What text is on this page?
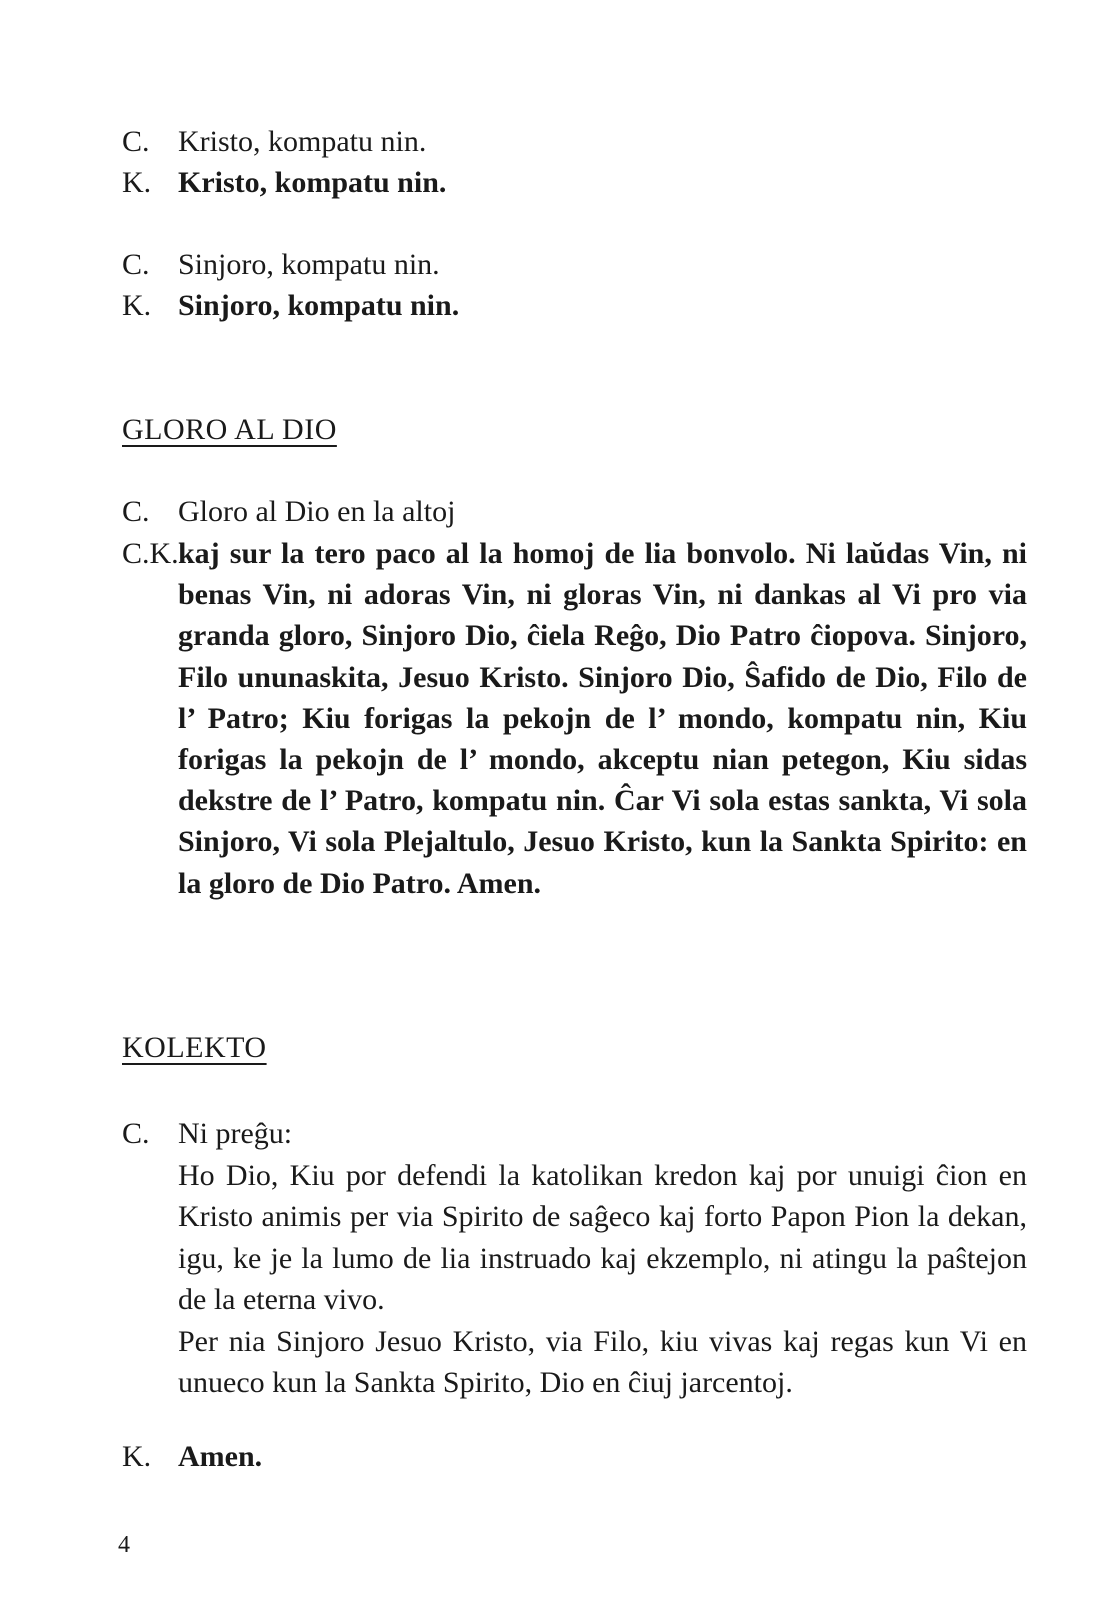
C. Kristo, kompatu nin.
K. Kristo, kompatu nin.
C. Sinjoro, kompatu nin.
K. Sinjoro, kompatu nin.
GLORO AL DIO
C. Gloro al Dio en la altoj
C.K. kaj sur la tero paco al la homoj de lia bonvolo. Ni laŭdas Vin, ni benas Vin, ni adoras Vin, ni gloras Vin, ni dankas al Vi pro via granda gloro, Sinjoro Dio, ĉiela Reĝo, Dio Patro ĉiopova. Sinjoro, Filo ununaskita, Jesuo Kristo. Sinjoro Dio, Ŝafido de Dio, Filo de l’ Patro; Kiu forigas la pekojn de l’ mondo, kompatu nin, Kiu forigas la pekojn de l’ mondo, akceptu nian petegon, Kiu sidas dekstre de l’ Patro, kompatu nin. Ĉar Vi sola estas sankta, Vi sola Sinjoro, Vi sola Plejaltulo, Jesuo Kristo, kun la Sankta Spirito: en la gloro de Dio Patro. Amen.
KOLEKTO
C. Ni preĝu:

Ho Dio, Kiu por defendi la katolikan kredon kaj por unuigi ĉion en Kristo animis per via Spirito de saĝeco kaj forto Papon Pion la dekan, igu, ke je la lumo de lia instruado kaj ekzemplo, ni atingu la paŝtejon de la eterna vivo.

Per nia Sinjoro Jesuo Kristo, via Filo, kiu vivas kaj regas kun Vi en unueco kun la Sankta Spirito, Dio en ĉiuj jarcentoj.

K. Amen.
4
